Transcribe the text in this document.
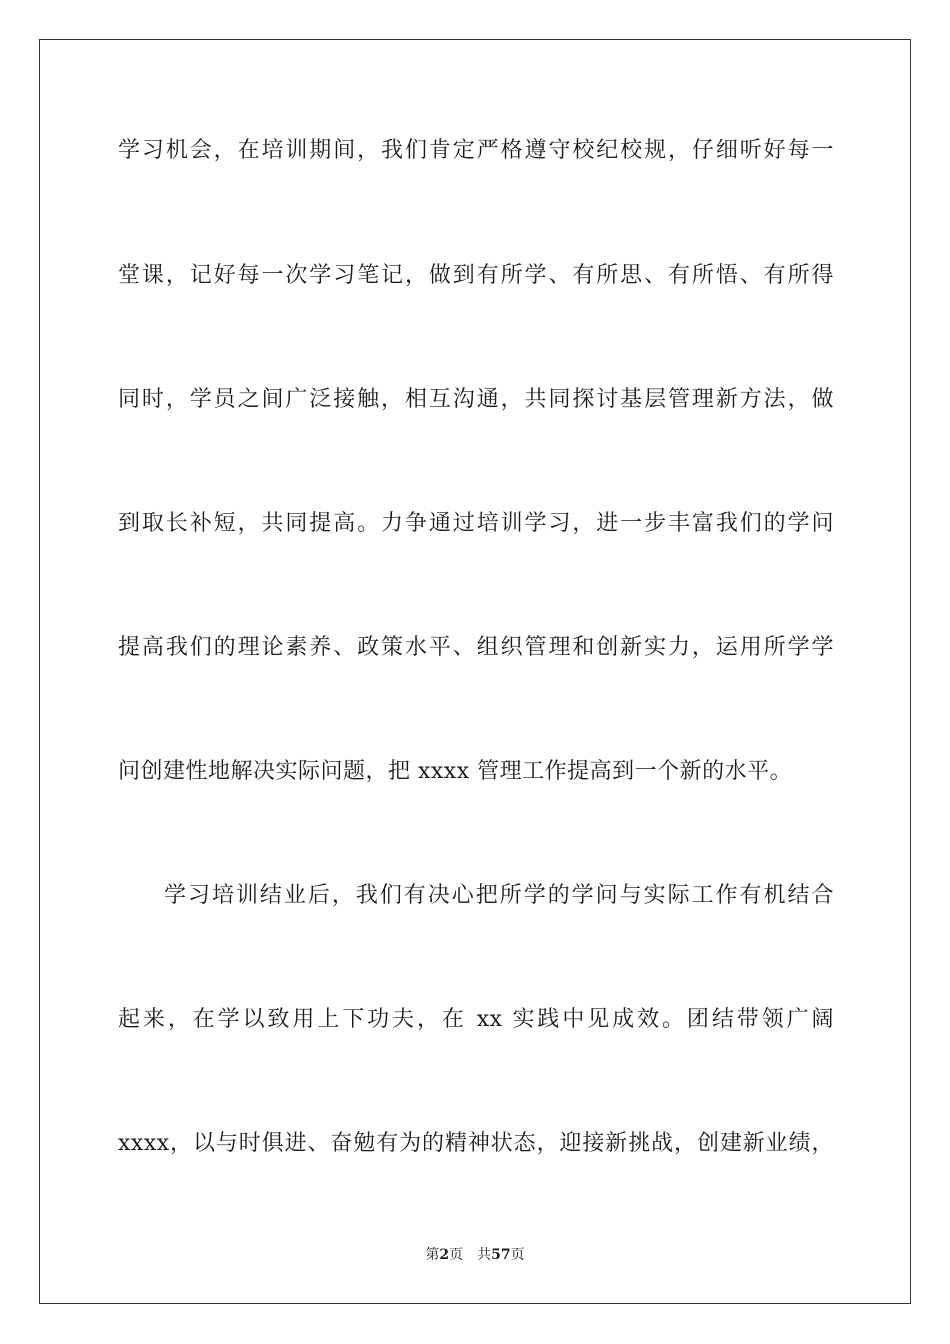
学习机会，在培训期间，我们肯定严格遵守校纪校规，仔细听好每一
堂课，记好每一次学习笔记，做到有所学、有所思、有所悟、有所得
同时，学员之间广泛接触，相互沟通，共同探讨基层管理新方法，做
到取长补短，共同提高。力争通过培训学习，进一步丰富我们的学问
提高我们的理论素养、政策水平、组织管理和创新实力，运用所学学
问创建性地解决实际问题，把 xxxx 管理工作提高到一个新的水平。
学习培训结业后，我们有决心把所学的学问与实际工作有机结合
起来，在学以致用上下功夫，在 xx 实践中见成效。团结带领广阔
xxxx，以与时俱进、奋勉有为的精神状态，迎接新挑战，创建新业绩，
第2页 共57页
